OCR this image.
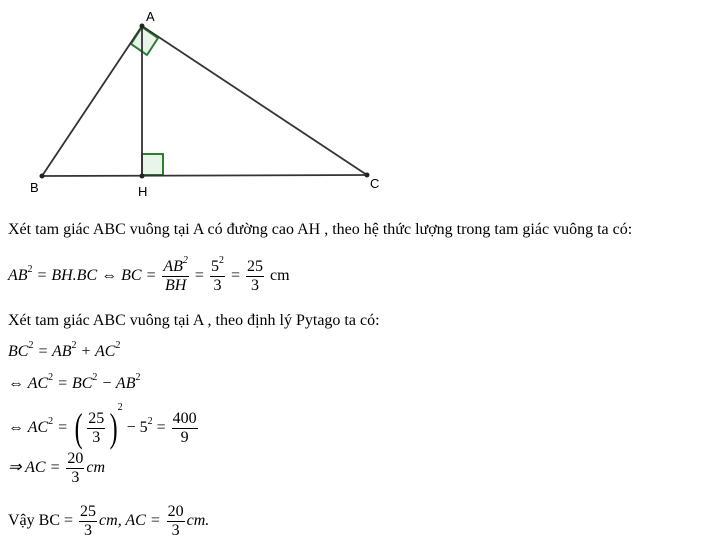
A
B	C
H
Xét tam giác ABC vuông tại A có đường cao AH , theo hệ thức lượng trong tam giác vuông ta có:
$AB^2 = BH.BC$ ⇔ BC = $\frac{AB^2}{BH} = \frac{5^2}{3} = \frac{25}{3}$ cm
Xét tam giác ABC vuông tại A , theo định lý Pytago ta có:
$BC^2 = AB^2 + AC^2$
⇔ $AC^2 = BC^2 - AB^2$
⇔ $AC^2$ = ( $\frac{25}{3} )2 - 5^2 = \frac{400}{9}$
⇒ AC = $\frac{20}{3}$ cm
Vậy BC = $\frac{25}{3}$ cm, AC = $\frac{20}{3}$ cm.
